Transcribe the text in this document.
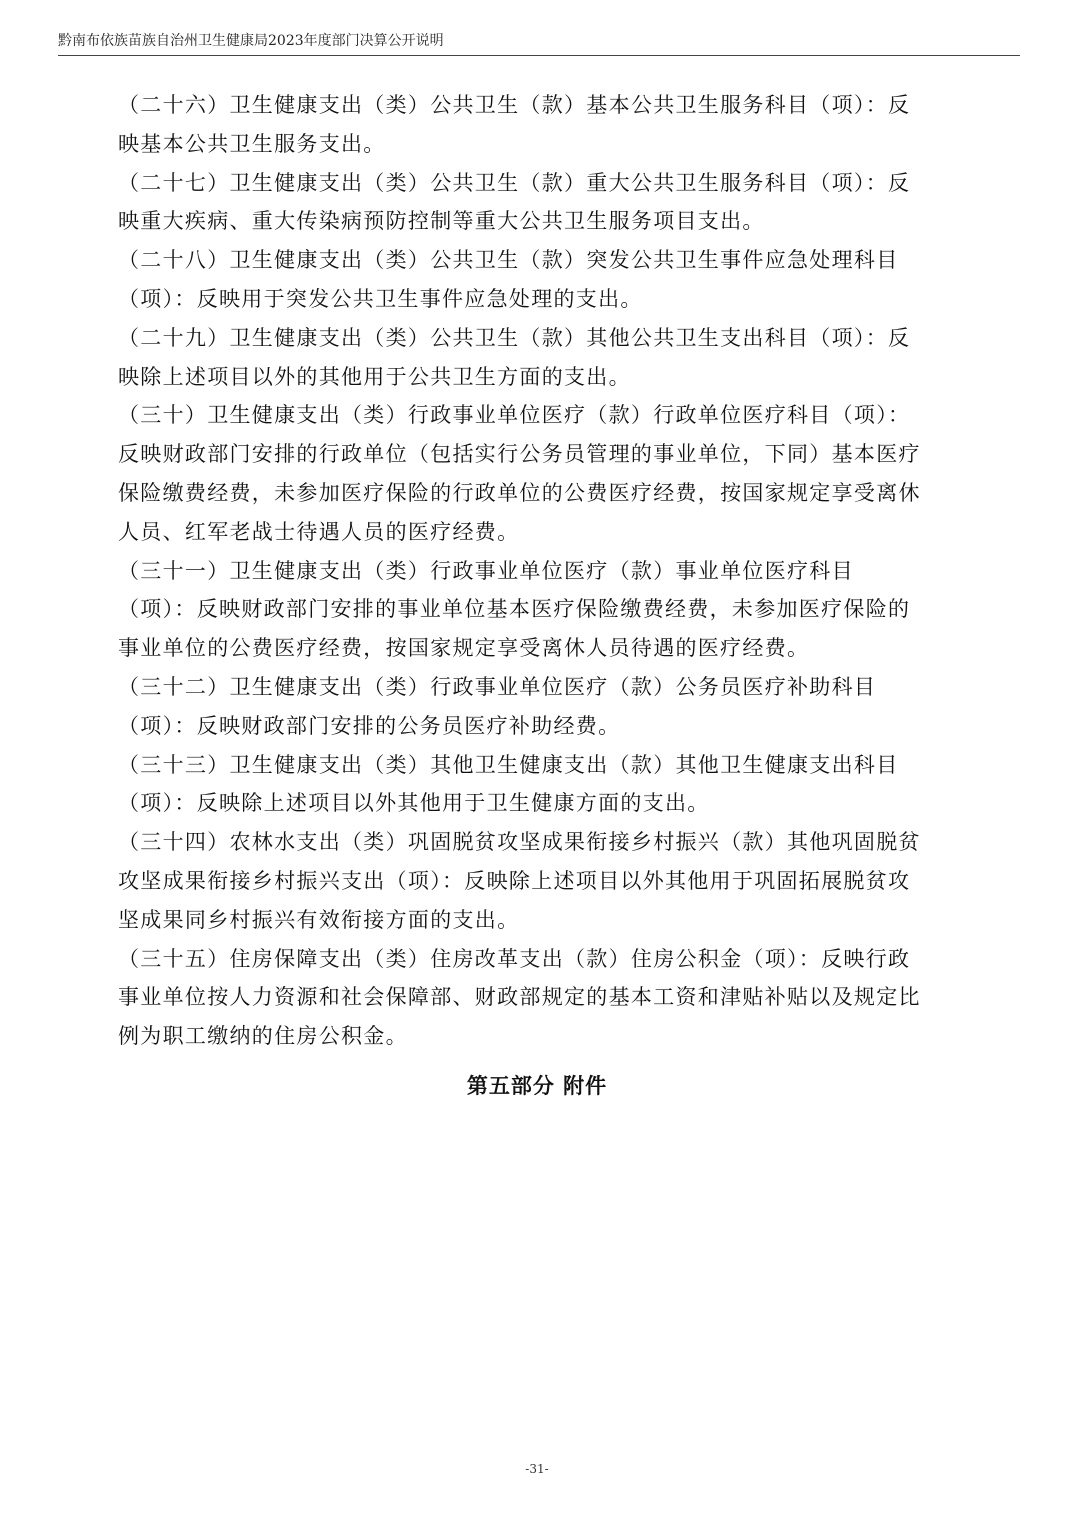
黔南布依族苗族自治州卫生健康局2023年度部门决算公开说明

（二十六）卫生健康支出（类）公共卫生（款）基本公共卫生服务科目（项）：反
映基本公共卫生服务支出。

（二十七）卫生健康支出（类）公共卫生（款）重大公共卫生服务科目（项）：反
映重大疾病、重大传染病预防控制等重大公共卫生服务项目支出。

（二十八）卫生健康支出（类）公共卫生（款）突发公共卫生事件应急处理科目
（项）：反映用于突发公共卫生事件应急处理的支出。

（二十九）卫生健康支出（类）公共卫生（款）其他公共卫生支出科目（项）：反
映除上述项目以外的其他用于公共卫生方面的支出。

（三十）卫生健康支出（类）行政事业单位医疗（款）行政单位医疗科目（项）：
反映财政部门安排的行政单位（包括实行公务员管理的事业单位，下同）基本医疗
保险缴费经费，未参加医疗保险的行政单位的公费医疗经费，按国家规定享受离休
人员、红军老战士待遇人员的医疗经费。

（三十一）卫生健康支出（类）行政事业单位医疗（款）事业单位医疗科目
（项）：反映财政部门安排的事业单位基本医疗保险缴费经费，未参加医疗保险的
事业单位的公费医疗经费，按国家规定享受离休人员待遇的医疗经费。

（三十二）卫生健康支出（类）行政事业单位医疗（款）公务员医疗补助科目
（项）：反映财政部门安排的公务员医疗补助经费。

（三十三）卫生健康支出（类）其他卫生健康支出（款）其他卫生健康支出科目
（项）：反映除上述项目以外其他用于卫生健康方面的支出。

（三十四）农林水支出（类）巩固脱贫攻坚成果衔接乡村振兴（款）其他巩固脱贫
攻坚成果衔接乡村振兴支出（项）：反映除上述项目以外其他用于巩固拓展脱贫攻
坚成果同乡村振兴有效衔接方面的支出。

（三十五）住房保障支出（类）住房改革支出（款）住房公积金（项）：反映行政
事业单位按人力资源和社会保障部、财政部规定的基本工资和津贴补贴以及规定比
例为职工缴纳的住房公积金。

第五部分 附件
-31-
